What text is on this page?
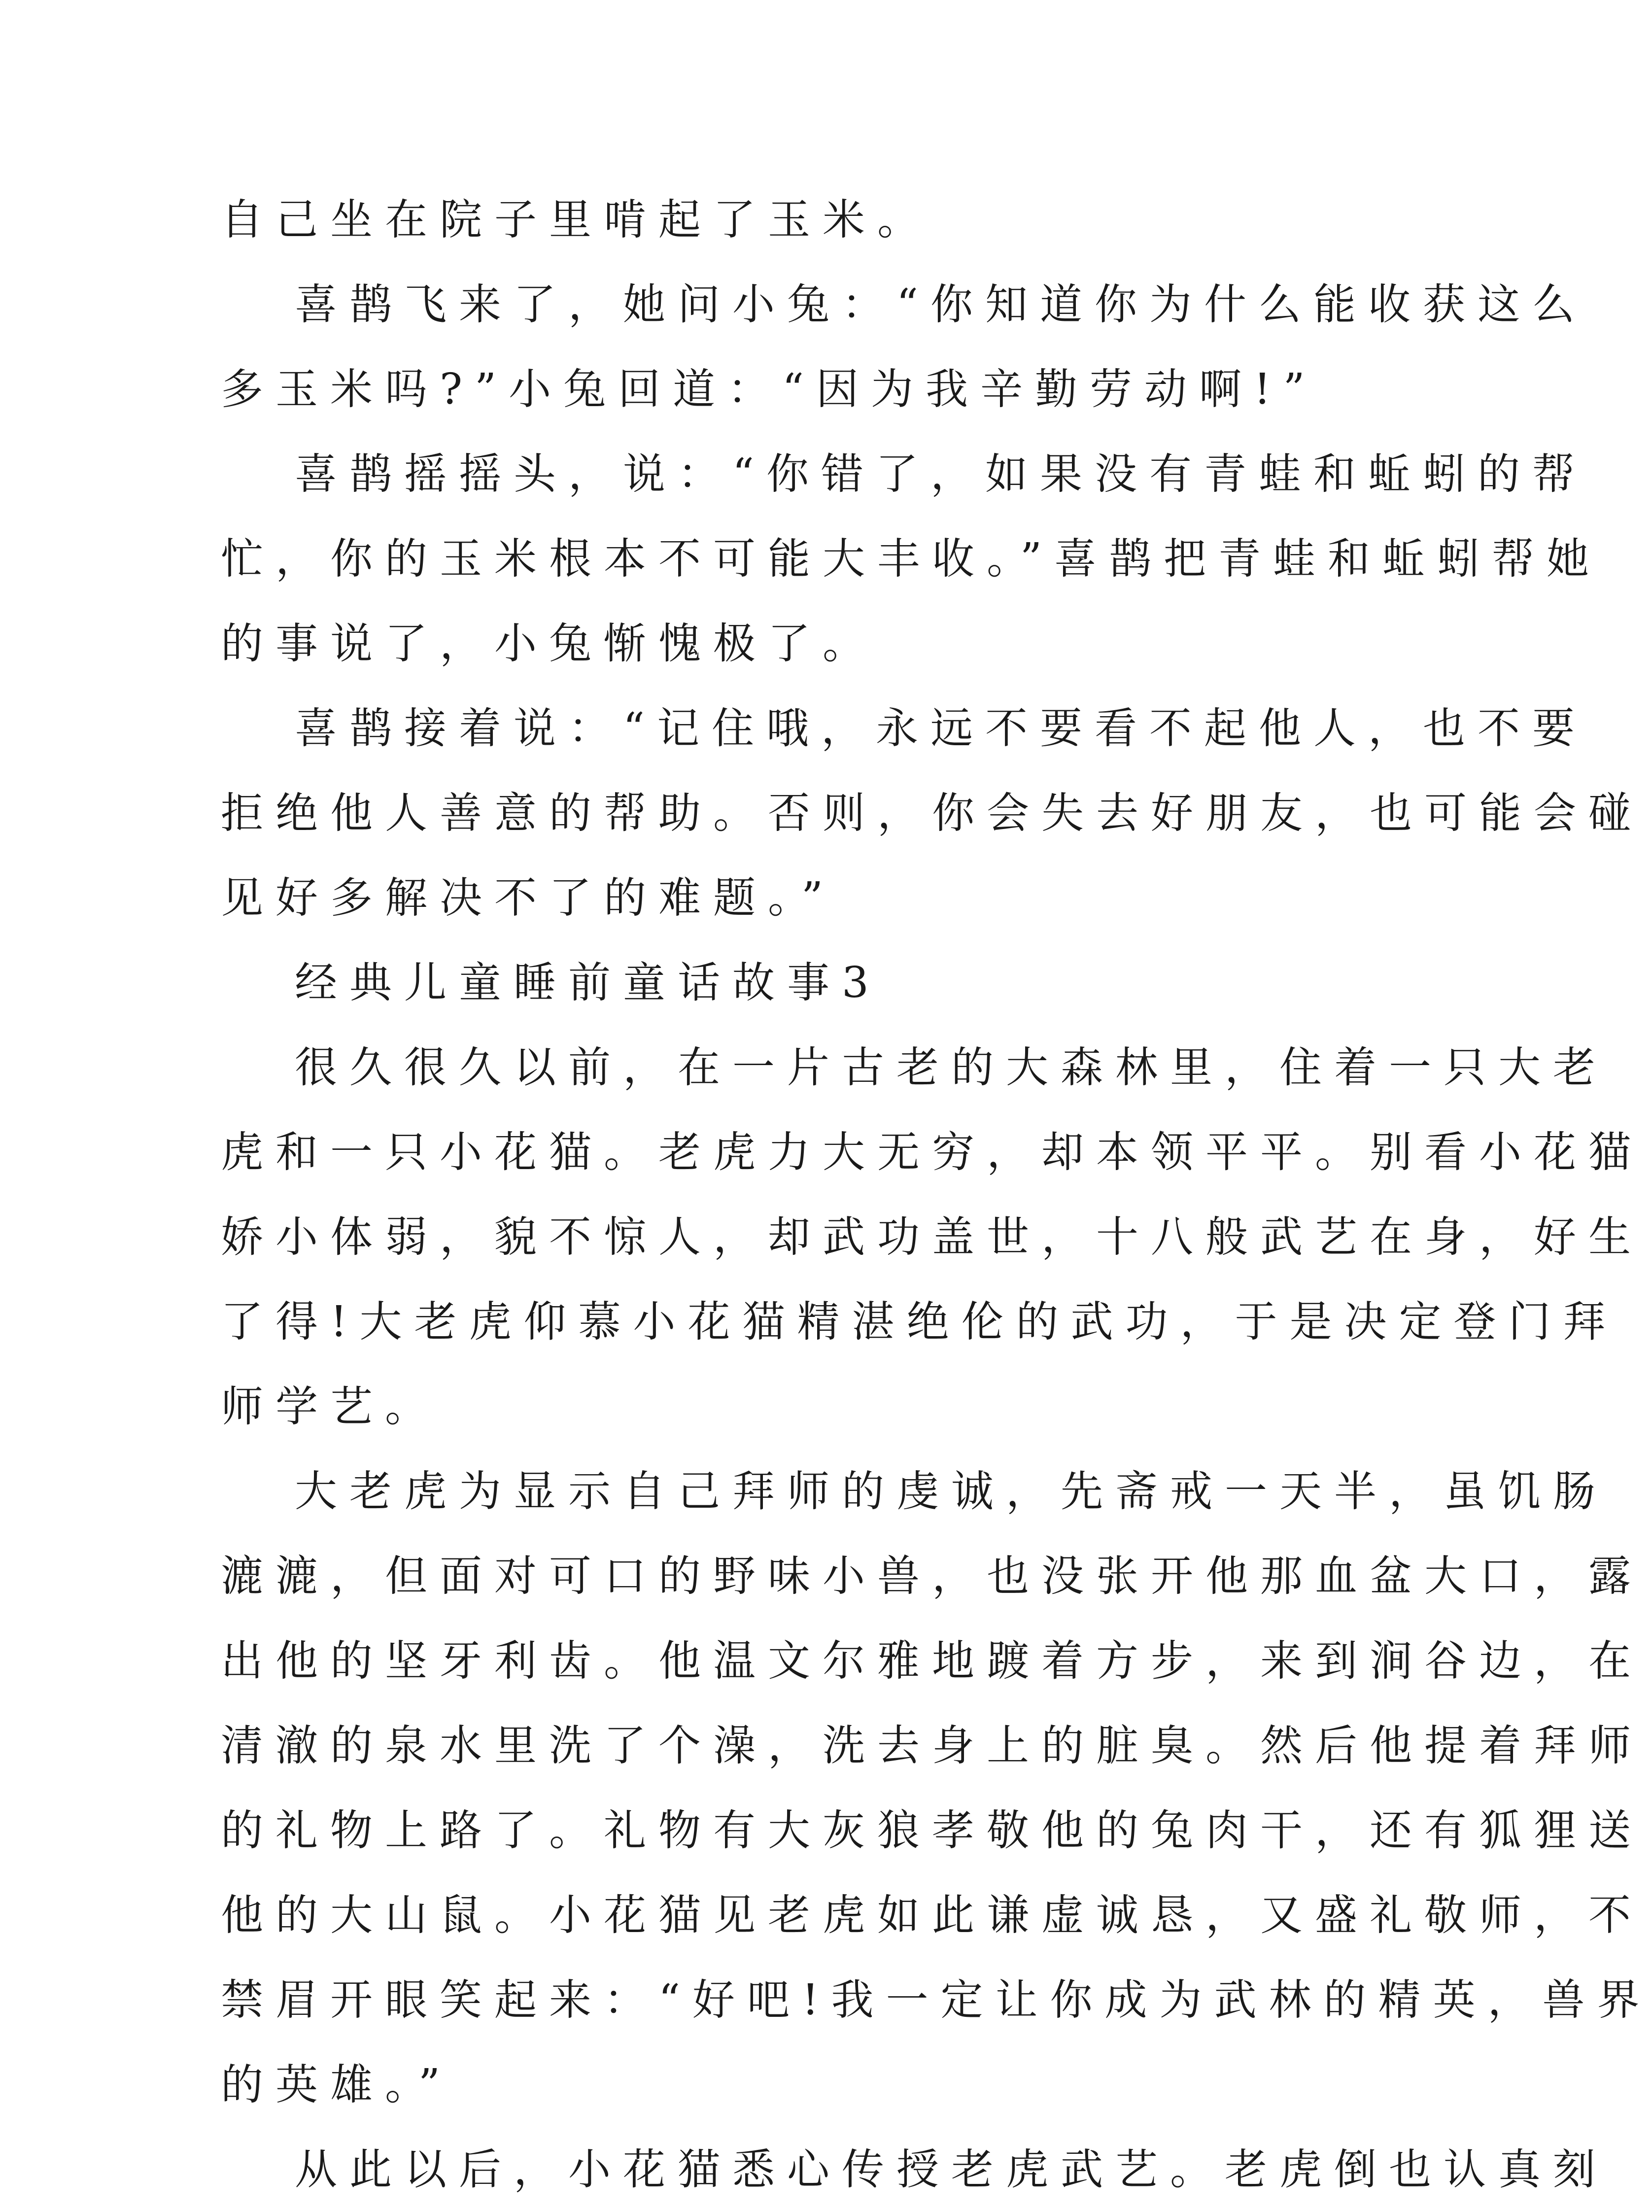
自己坐在院子里啃起了玉米。
喜鹊飞来了，她问小兔：“你知道你为什么能收获这么
多玉米吗?”小兔回道：“因为我辛勤劳动啊!”
喜鹊摇摇头，说：“你错了，如果没有青蛙和蚯蚓的帮
忙，你的玉米根本不可能大丰收。”喜鹊把青蛙和蚯蚓帮她
的事说了，小兔惭愧极了。
喜鹊接着说：“记住哦，永远不要看不起他人，也不要
拒绝他人善意的帮助。否则，你会失去好朋友，也可能会碰
见好多解决不了的难题。”
经典儿童睡前童话故事3
很久很久以前，在一片古老的大森林里，住着一只大老
虎和一只小花猫。老虎力大无穷，却本领平平。别看小花猫
娇小体弱，貌不惊人，却武功盖世，十八般武艺在身，好生
了得!大老虎仰慕小花猫精湛绝伦的武功，于是决定登门拜
师学艺。
大老虎为显示自己拜师的虔诚，先斋戒一天半，虽饥肠
漉漉，但面对可口的野味小兽，也没张开他那血盆大口，露
出他的坚牙利齿。他温文尔雅地踱着方步，来到涧谷边，在
清澈的泉水里洗了个澡，洗去身上的脏臭。然后他提着拜师
的礼物上路了。礼物有大灰狼孝敬他的兔肉干，还有狐狸送
他的大山鼠。小花猫见老虎如此谦虚诚恳，又盛礼敬师，不
禁眉开眼笑起来：“好吧!我一定让你成为武林的精英，兽界
的英雄。”
从此以后，小花猫悉心传授老虎武艺。老虎倒也认真刻
